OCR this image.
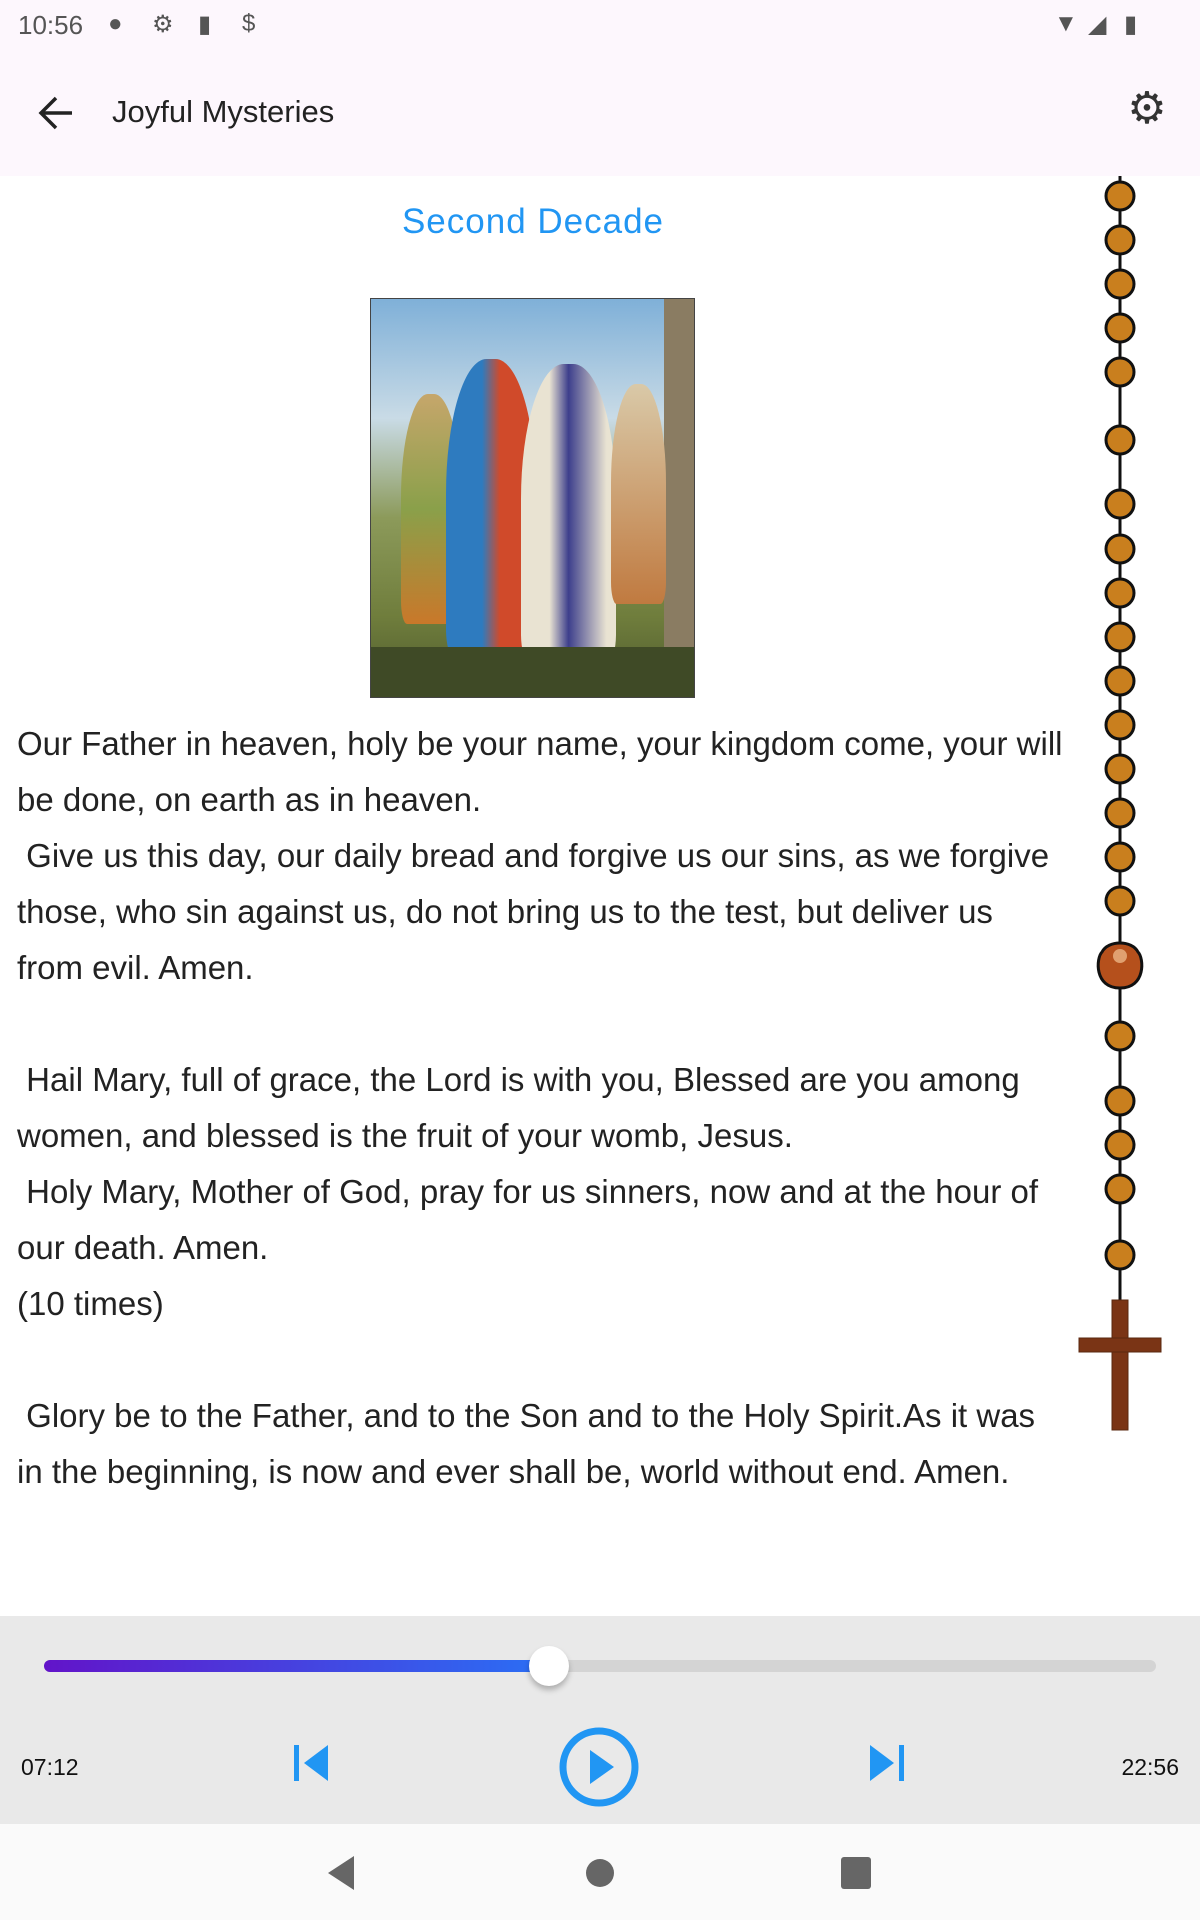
10:56 ● ⚙ ▮ $	▼ ◢ ▮
Joyful Mysteries	⚙
Second Decade
Our Father in heaven, holy be your name, your kingdom come, your will be done, on earth as in heaven.
Give us this day, our daily bread and forgive us our sins, as we forgive those, who sin against us, do not bring us to the test, but deliver us from evil. Amen.

Hail Mary, full of grace, the Lord is with you, Blessed are you among women, and blessed is the fruit of your womb, Jesus.
Holy Mary, Mother of God, pray for us sinners, now and at the hour of our death. Amen.
(10 times)

Glory be to the Father, and to the Son and to the Holy Spirit.As it was in the beginning, is now and ever shall be, world without end. Amen.
07:12	22:56
